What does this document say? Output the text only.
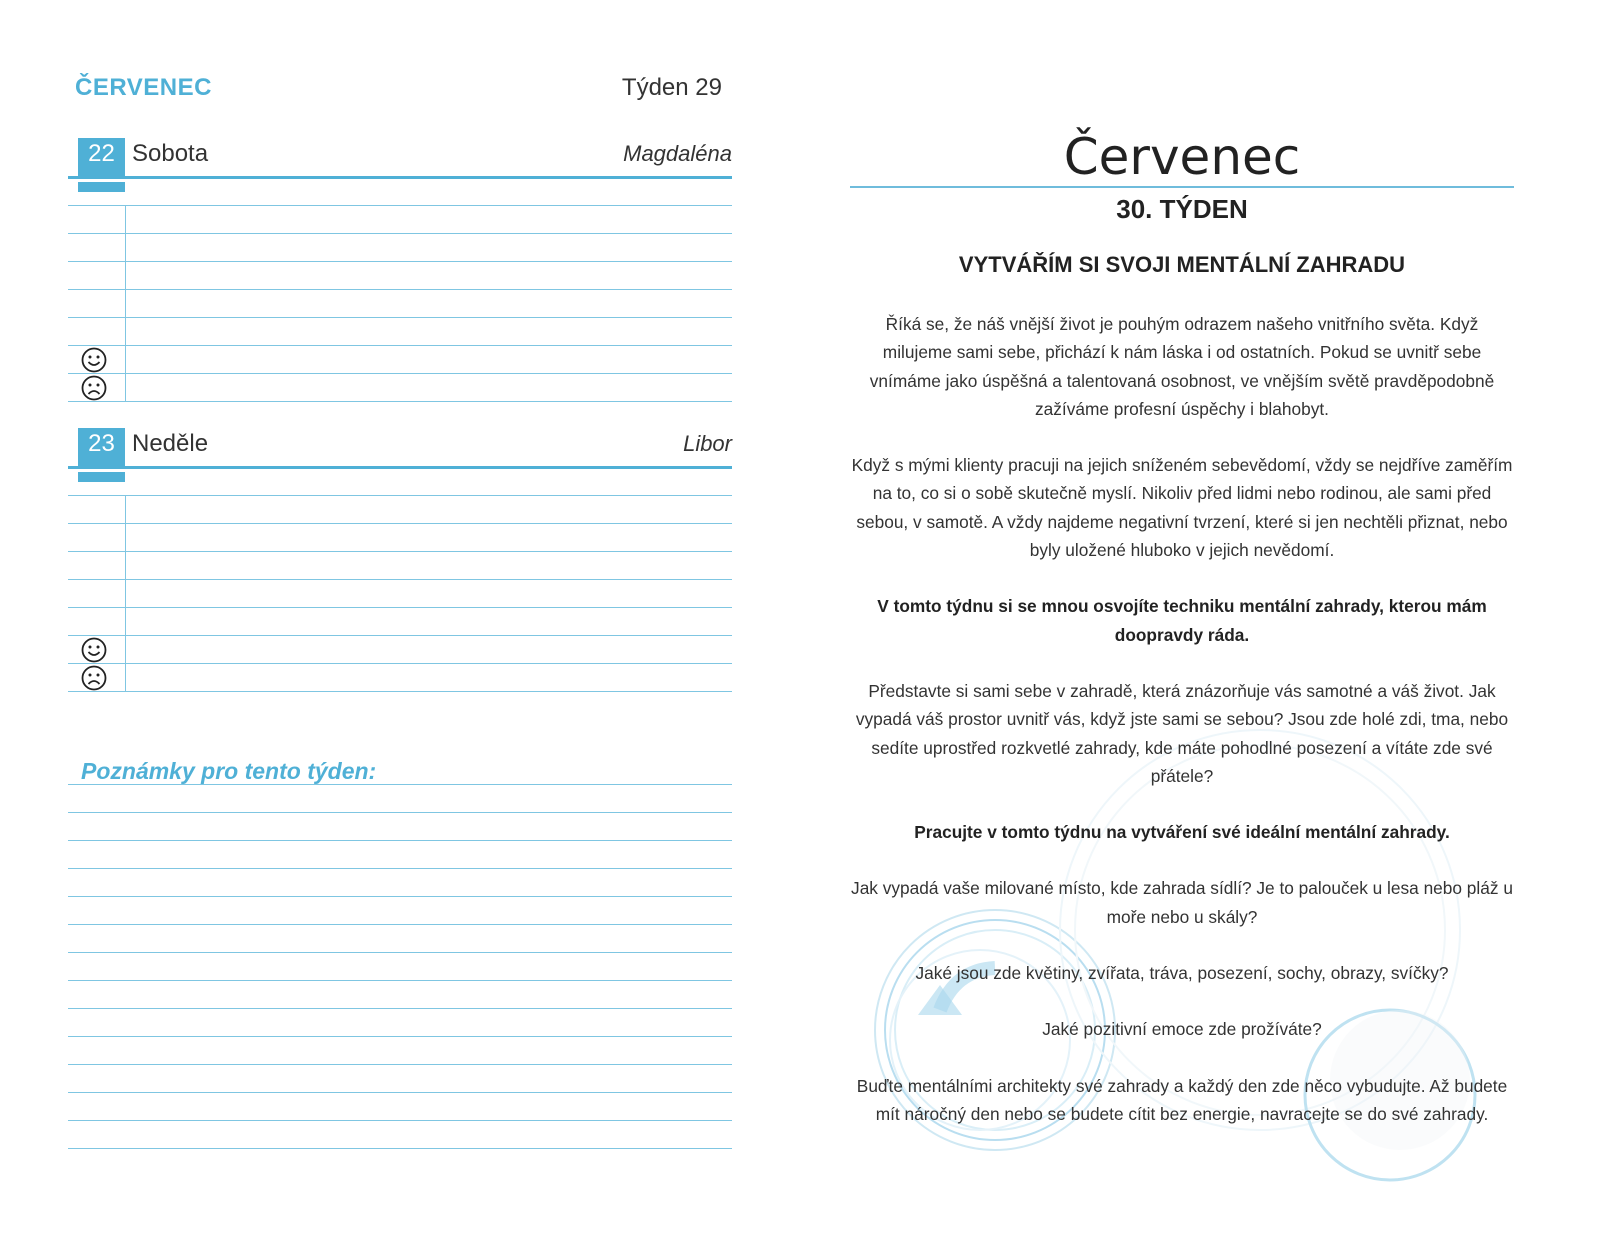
ČERVENEC	Týden 29
22 Sobota	Magdaléna
23 Neděle	Libor
Poznámky pro tento týden:
Červenec
30. TÝDEN
VYTVÁŘÍM SI SVOJI MENTÁLNÍ ZAHRADU

Říká se, že náš vnější život je pouhým odrazem našeho vnitřního světa. Když milujeme sami sebe, přichází k nám láska i od ostatních. Pokud se uvnitř sebe vnímáme jako úspěšná a talentovaná osobnost, ve vnějším světě pravděpodobně zažíváme profesní úspěchy i blahobyt.

Když s mými klienty pracuji na jejich sníženém sebevědomí, vždy se nejdříve zaměřím na to, co si o sobě skutečně myslí. Nikoliv před lidmi nebo rodinou, ale sami před sebou, v samotě. A vždy najdeme negativní tvrzení, které si jen nechtěli přiznat, nebo byly uložené hluboko v jejich nevědomí.

V tomto týdnu si se mnou osvojíte techniku mentální zahrady, kterou mám doopravdy ráda.

Představte si sami sebe v zahradě, která znázorňuje vás samotné a váš život. Jak vypadá váš prostor uvnitř vás, když jste sami se sebou? Jsou zde holé zdi, tma, nebo sedíte uprostřed rozkvetlé zahrady, kde máte pohodlné posezení a vítáte zde své přátele?

Pracujte v tomto týdnu na vytváření své ideální mentální zahrady.

Jak vypadá vaše milované místo, kde zahrada sídlí? Je to palouček u lesa nebo pláž u moře nebo u skály?

Jaké jsou zde květiny, zvířata, tráva, posezení, sochy, obrazy, svíčky?

Jaké pozitivní emoce zde prožíváte?

Buďte mentálními architekty své zahrady a každý den zde něco vybudujte. Až budete mít náročný den nebo se budete cítit bez energie, navracejte se do své zahrady.
